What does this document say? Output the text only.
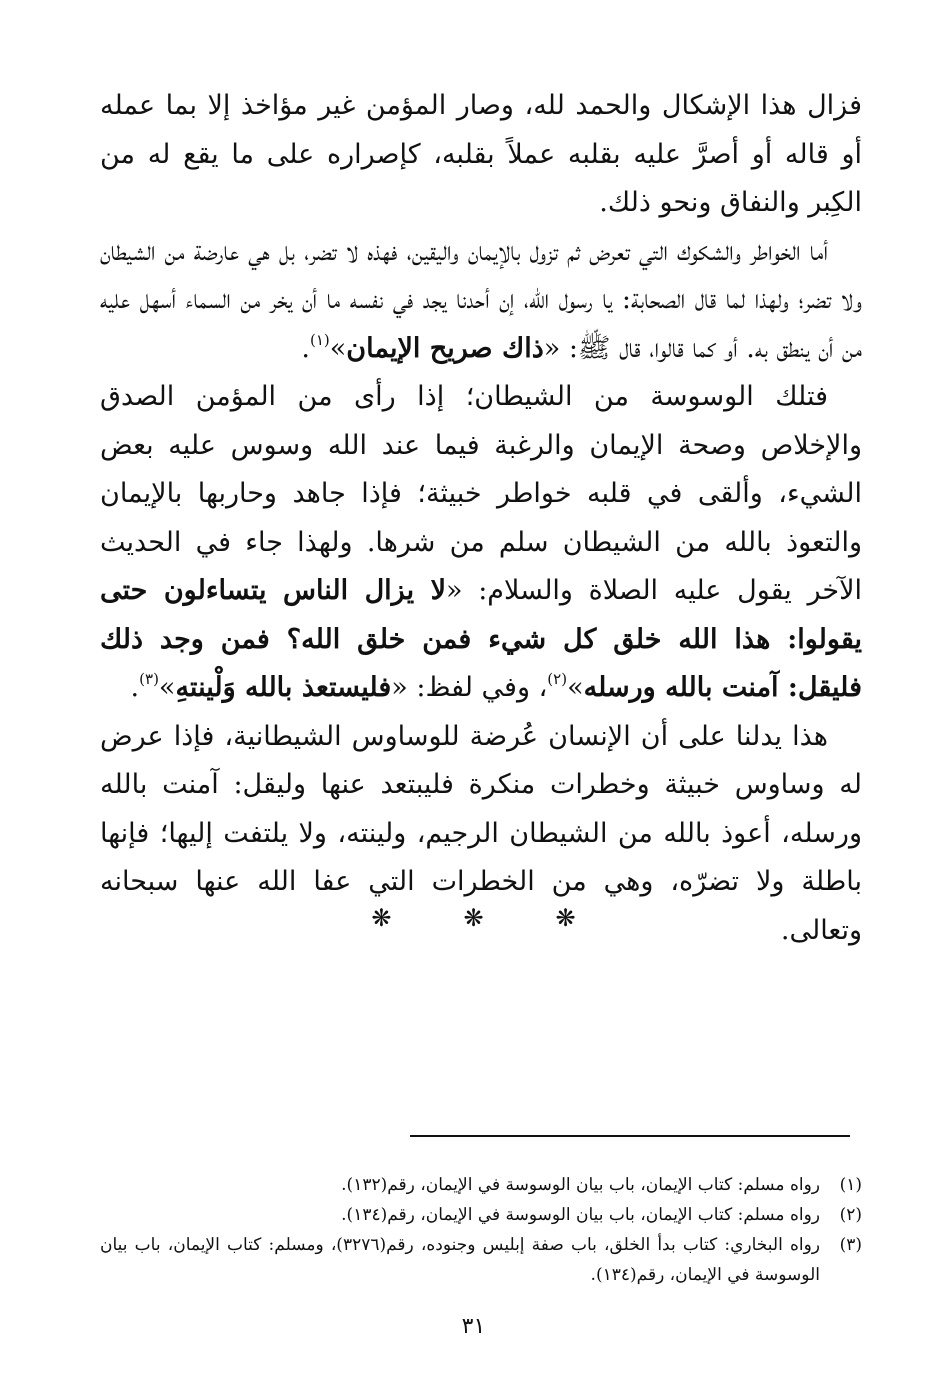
فزال هذا الإشكال والحمد لله، وصار المؤمن غير مؤاخذ إلا بما عمله أو قاله أو أصرَّ عليه بقلبه عملاً بقلبه، كإصراره على ما يقع له من الكِبر والنفاق ونحو ذلك.

أما الخواطر والشكوك التي تعرض ثم تزول بالإيمان واليقين، فهذه لا تضر، بل هي عارضة من الشيطان ولا تضر؛ ولهذا لما قال الصحابة: يا رسول الله، إن أحدنا يجد في نفسه ما أن يخر من السماء أسهل عليه من أن ينطق به. أو كما قالوا، قال ﷺ: «ذاك صريح الإيمان»$^{(١)}$.

فتلك الوسوسة من الشيطان؛ إذا رأى من المؤمن الصدق والإخلاص وصحة الإيمان والرغبة فيما عند الله وسوس عليه بعض الشيء، وألقى في قلبه خواطر خبيثة؛ فإذا جاهد وحاربها بالإيمان والتعوذ بالله من الشيطان سلم من شرها. ولهذا جاء في الحديث الآخر يقول عليه الصلاة والسلام: «لا يزال الناس يتساءلون حتى يقولوا: هذا الله خلق كل شيء فمن خلق الله؟ فمن وجد ذلك فليقل: آمنت بالله ورسله»$^{(٢)}$، وفي لفظ: «فليستعذ بالله وَلْينتهِ»$^{(٣)}$.

هذا يدلنا على أن الإنسان عُرضة للوساوس الشيطانية، فإذا عرض له وساوس خبيثة وخطرات منكرة فليبتعد عنها وليقل: آمنت بالله ورسله، أعوذ بالله من الشيطان الرجيم، ولينته، ولا يلتفت إليها؛ فإنها باطلة ولا تضرّه، وهي من الخطرات التي عفا الله عنها سبحانه وتعالى.

❋	❋	❋
(١)
رواه مسلم: كتاب الإيمان، باب بيان الوسوسة في الإيمان، رقم(١٣٢).
(٢)
رواه مسلم: كتاب الإيمان، باب بيان الوسوسة في الإيمان، رقم(١٣٤).
(٣)
رواه البخاري: كتاب بدأ الخلق، باب صفة إبليس وجنوده، رقم(٣٢٧٦)، ومسلم: كتاب الإيمان، باب بيان الوسوسة في الإيمان، رقم(١٣٤).
٣١
